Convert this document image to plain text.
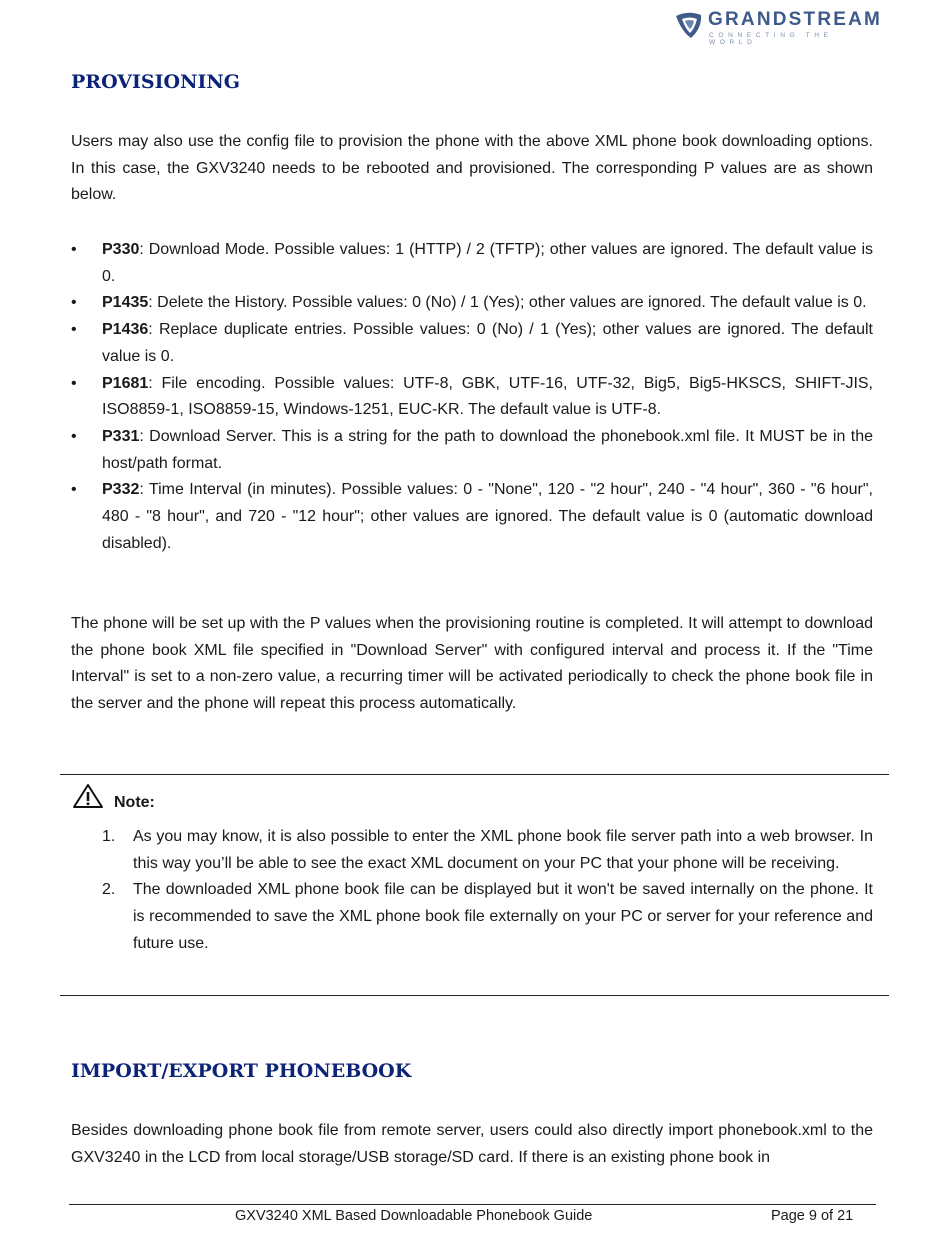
GRANDSTREAM
CONNECTING THE WORLD
PROVISIONING

Users may also use the config file to provision the phone with the above XML phone book downloading options. In this case, the GXV3240 needs to be rebooted and provisioned. The corresponding P values are as shown below.

•	P330: Download Mode. Possible values: 1 (HTTP) / 2 (TFTP); other values are ignored. The default value is 0.
•	P1435: Delete the History. Possible values: 0 (No) / 1 (Yes); other values are ignored. The default value is 0.
•	P1436: Replace duplicate entries. Possible values: 0 (No) / 1 (Yes); other values are ignored. The default value is 0.
•	P1681: File encoding. Possible values: UTF-8, GBK, UTF-16, UTF-32, Big5, Big5-HKSCS, SHIFT-JIS, ISO8859-1, ISO8859-15, Windows-1251, EUC-KR. The default value is UTF-8.
•	P331: Download Server. This is a string for the path to download the phonebook.xml file. It MUST be in the host/path format.
•	P332: Time Interval (in minutes). Possible values: 0 - "None", 120 - "2 hour", 240 - "4 hour", 360 - "6 hour", 480 - "8 hour", and 720 - "12 hour"; other values are ignored. The default value is 0 (automatic download disabled).

The phone will be set up with the P values when the provisioning routine is completed. It will attempt to download the phone book XML file specified in "Download Server" with configured interval and process it. If the "Time Interval" is set to a non-zero value, a recurring timer will be activated periodically to check the phone book file in the server and the phone will repeat this process automatically.

Note:
1. As you may know, it is also possible to enter the XML phone book file server path into a web browser. In this way you’ll be able to see the exact XML document on your PC that your phone will be receiving.
2. The downloaded XML phone book file can be displayed but it won't be saved internally on the phone. It is recommended to save the XML phone book file externally on your PC or server for your reference and future use.
IMPORT/EXPORT PHONEBOOK

Besides downloading phone book file from remote server, users could also directly import phonebook.xml to the GXV3240 in the LCD from local storage/USB storage/SD card. If there is an existing phone book in

GXV3240 XML Based Downloadable Phonebook Guide	Page 9 of 21
